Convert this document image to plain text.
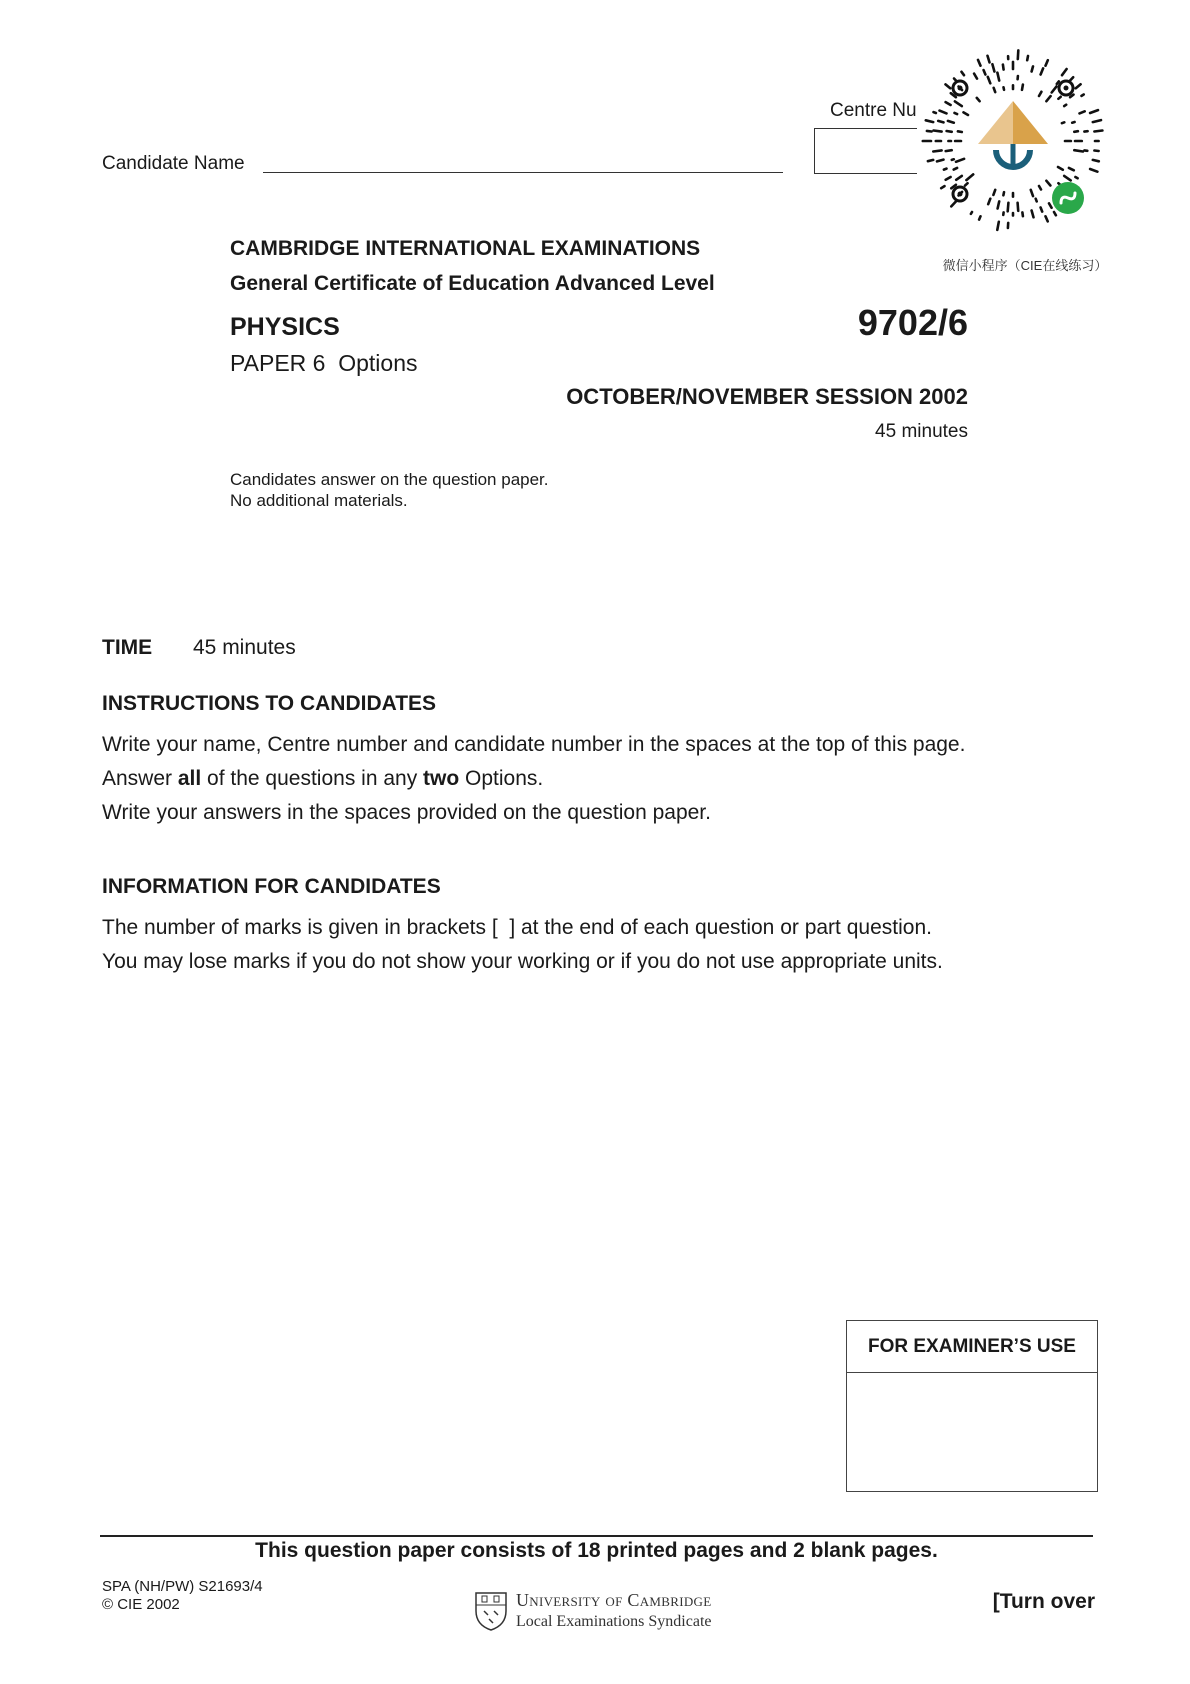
Candidate Name
Centre Nu
微信小程序（CIE在线练习）
CAMBRIDGE INTERNATIONAL EXAMINATIONS
General Certificate of Education Advanced Level
PHYSICS	9702/6
PAPER 6  Options
OCTOBER/NOVEMBER SESSION 2002
45 minutes
Candidates answer on the question paper.
No additional materials.
TIME 45 minutes
INSTRUCTIONS TO CANDIDATES
Write your name, Centre number and candidate number in the spaces at the top of this page.
Answer all of the questions in any two Options.
Write your answers in the spaces provided on the question paper.
INFORMATION FOR CANDIDATES
The number of marks is given in brackets [  ] at the end of each question or part question.
You may lose marks if you do not show your working or if you do not use appropriate units.
FOR EXAMINER’S USE
This question paper consists of 18 printed pages and 2 blank pages.
SPA (NH/PW) S21693/4
© CIE 2002	University of Cambridge
Local Examinations Syndicate
[Turn over
